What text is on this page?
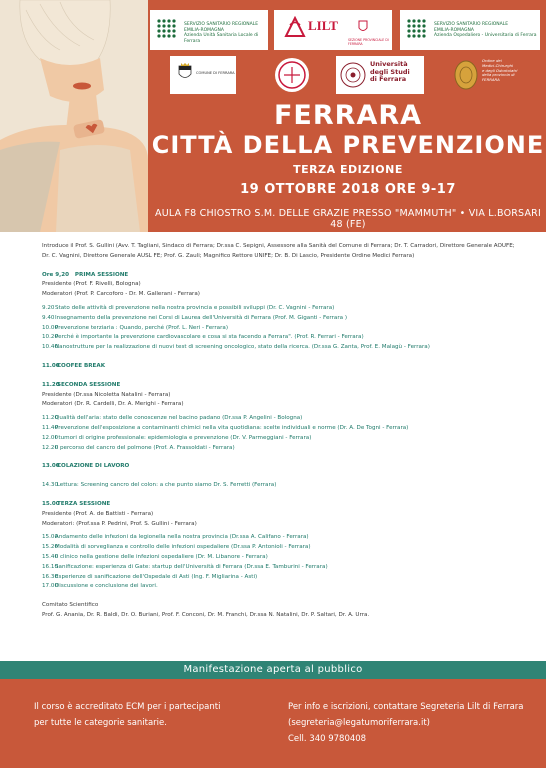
SERVIZIO SANITARIO REGIONALE
EMILIA-ROMAGNA
Azienda Unità Sanitaria Locale di Ferrara
LILT
SEZIONE PROVINCIALE DI FERRARA
SERVIZIO SANITARIO REGIONALE
EMILIA-ROMAGNA
Azienda Ospedaliero - Universitaria di Ferrara
COMUNE DI FERRARA
Università
degli Studi
di Ferrara
Ordine dei
Medici-Chirurghi
e degli Odontoiatri
della provincia di
FERRARA
FERRARA
CITTÀ DELLA PREVENZIONE
TERZA EDIZIONE
19 OTTOBRE 2018 ORE 9-17
AULA F8 CHIOSTRO S.M. DELLE GRAZIE PRESSO "MAMMUTH" • VIA L.BORSARI 48 (FE)
Introduce il Prof. S. Gullini (Avv. T. Tagliani, Sindaco di Ferrara; Dr.ssa C. Sepigni, Assessore alla Sanità del Comune di Ferrara; Dr. T. Carradori, Direttore Generale AOUFE;
Dr. C. Vagnini, Direttore Generale AUSL FE; Prof. G. Zauli; Magnifico Rettore UNIFE; Dr. B. Di Lascio, Presidente Ordine Medici Ferrara)
Ore 9,20 PRIMA SESSIONE
Presidente (Prof. F. Rivelli, Bologna)
Moderatori (Prof. P. Carcoforo - Dr. M. Gallerani - Ferrara)
9.20Stato delle attività di prevenzione nella nostra provincia e possibili sviluppi (Dr. C. Vagnini - Ferrara)
9.40Insegnamento della prevenzione nei Corsi di Laurea dell'Università di Ferrara (Prof. M. Giganti - Ferrara )
10.00Prevenzione terziaria : Quando, perché (Prof. L. Neri - Ferrara)
10.20Perché è importante la prevenzione cardiovascolare e cosa si sta facendo a Ferrara". (Prof. R. Ferrari - Ferrara)
10.40Nanostrutture per la realizzazione di nuovi test di screening oncologico, stato della ricerca. (Dr.ssa G. Zanta, Prof. E. Malagù - Ferrara)
11.00 COOFEE BREAK
11.20 SECONDA SESSIONE
Presidente (Dr.ssa Nicoletta Natalini - Ferrara)
Moderatori (Dr. R. Cardelli, Dr. A. Merighi - Ferrara)
11.20Qualità dell'aria: stato delle conoscenze nel bacino padano (Dr.ssa P. Angelini - Bologna)
11.40Prevenzione dell'esposizione a contaminanti chimici nella vita quotidiana: scelte individuali e norme (Dr. A. De Togni - Ferrara)
12.00I tumori di origine professionale: epidemiologia e prevenzione (Dr. V. Parmeggiani - Ferrara)
12.20Il percorso del cancro del polmone (Prof. A. Frassoldati - Ferrara)
13.00 COLAZIONE DI LAVORO
14.30 Lettura: Screening cancro del colon: a che punto siamo Dr. S. Ferretti (Ferrara)
15.00 TERZA SESSIONE
Presidente (Prof. A. de Battisti - Ferrara)
Moderatori: (Prof.ssa P. Pedrini, Prof. S. Gullini - Ferrara)
15.00Andamento delle infezioni da legionella nella nostra provincia (Dr.ssa A. Califano - Ferrara)
15.20Modalità di sorveglianza e controllo delle infezioni ospedaliere (Dr.ssa P. Antonioli - Ferrara)
15.40Il clinico nella gestione delle infezioni ospedaliere (Dr. M. Libanore - Ferrara)
16.10Sanificazione: esperienza di Gate: startup dell'Università di Ferrara (Dr.ssa E. Tamburini - Ferrara)
16.30Esperienze di sanificazione dell'Ospedale di Asti (Ing. F. Migliarina - Asti)
17.00Discussione e conclusione dei lavori.
Comitato Scientifico
Prof. G. Anania, Dr. R. Baldi, Dr. O. Buriani, Prof. F. Conconi, Dr. M. Franchi, Dr.ssa N. Natalini, Dr. P. Saltari, Dr. A. Urra.
Manifestazione aperta al pubblico
Il corso è accreditato ECM per i partecipanti
per tutte le categorie sanitarie.
Per info e iscrizioni, contattare Segreteria Lilt di Ferrara
(segreteria@legatumoriferrara.it)
Cell. 340 9780408
